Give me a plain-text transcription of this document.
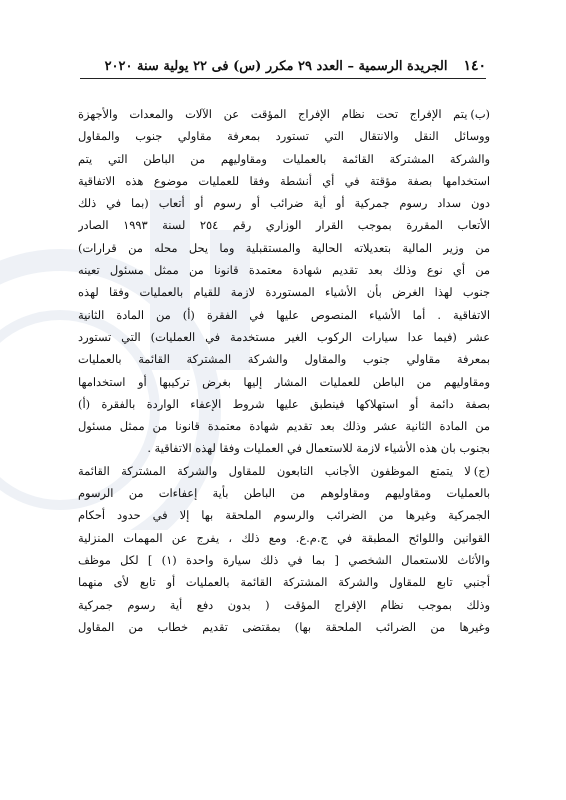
١٤٠
الجريدة الرسمية – العدد ٢٩ مكرر (س) فى ٢٢ يولية سنة ٢٠٢٠
(ب)يتم الإفراج تحت نظام الإفراج المؤقت عن الآلات والمعدات والأجهزة
ووسائل النقل والانتقال التي تستورد بمعرفة مقاولي جنوب والمقاول
والشركة المشتركة القائمة بالعمليات ومقاوليهم من الباطن التي يتم
استخدامها بصفة مؤقتة في أي أنشطة وفقا للعمليات موضوع هذه الاتفاقية
دون سداد رسوم جمركية أو أية ضرائب أو رسوم أو أتعاب (بما في ذلك
الأتعاب المقررة بموجب القرار الوزاري رقم ٢٥٤ لسنة ١٩٩٣ الصادر
من وزير المالية بتعديلاته الحالية والمستقبلية وما يحل محله من قرارات)
من أي نوع وذلك بعد تقديم شهادة معتمدة قانونا من ممثل مسئول تعينه
جنوب لهذا الغرض بأن الأشياء المستوردة لازمة للقيام بالعمليات وفقا لهذه
الاتفاقية . أما الأشياء المنصوص عليها في الفقرة (أ) من المادة الثانية
عشر (فيما عدا سيارات الركوب الغير مستخدمة في العمليات) التي تستورد
بمعرفة مقاولي جنوب والمقاول والشركة المشتركة القائمة بالعمليات
ومقاوليهم من الباطن للعمليات المشار إليها بغرض تركيبها أو استخدامها
بصفة دائمة أو استهلاكها فينطبق عليها شروط الإعفاء الواردة بالفقرة (أ)
من المادة الثانية عشر وذلك بعد تقديم شهادة معتمدة قانونا من ممثل مسئول
بجنوب بان هذه الأشياء لازمة للاستعمال في العمليات وفقا لهذه الاتفاقية .
(ج)لا يتمتع الموظفون الأجانب التابعون للمقاول والشركة المشتركة القائمة
بالعمليات ومقاوليهم ومقاولوهم من الباطن بأية إعفاءات من الرسوم
الجمركية وغيرها من الضرائب والرسوم الملحقة بها إلا في حدود أحكام
القوانين واللوائح المطبقة في ج.م.ع. ومع ذلك ، يفرج عن المهمات المنزلية
والأثاث للاستعمال الشخصي [ بما في ذلك سيارة واحدة (١) ] لكل موظف
أجنبي تابع للمقاول والشركة المشتركة القائمة بالعمليات أو تابع لأى منهما
وذلك بموجب نظام الإفراج المؤقت ( بدون دفع أية رسوم جمركية
وغيرها من الضرائب الملحقة بها) بمقتضى تقديم خطاب من المقاول
